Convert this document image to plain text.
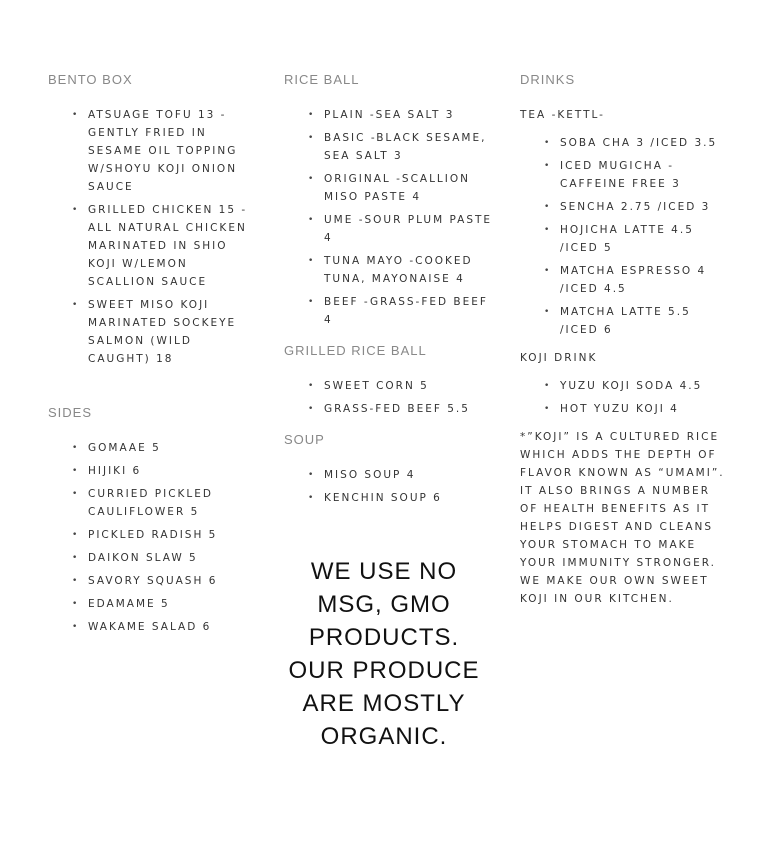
BENTO BOX
• ATSUAGE TOFU 13 -GENTLY FRIED IN SESAME OIL TOPPING W/SHOYU KOJI ONION SAUCE
• GRILLED CHICKEN 15 -ALL NATURAL CHICKEN MARINATED IN SHIO KOJI W/LEMON SCALLION SAUCE
• SWEET MISO KOJI MARINATED SOCKEYE SALMON (WILD CAUGHT) 18
SIDES
• GOMAAE 5
• HIJIKI 6
• CURRIED PICKLED CAULIFLOWER 5
• PICKLED RADISH 5
• DAIKON SLAW 5
• SAVORY SQUASH 6
• EDAMAME 5
• WAKAME SALAD 6
RICE BALL
• PLAIN -SEA SALT 3
• BASIC -BLACK SESAME, SEA SALT 3
• ORIGINAL -SCALLION MISO PASTE 4
• UME -SOUR PLUM PASTE 4
• TUNA MAYO -COOKED TUNA, MAYONAISE 4
• BEEF -GRASS-FED BEEF 4
GRILLED RICE BALL
• SWEET CORN 5
• GRASS-FED BEEF 5.5
SOUP
• MISO SOUP 4
• KENCHIN SOUP 6
WE USE NO MSG, GMO PRODUCTS. OUR PRODUCE ARE MOSTLY ORGANIC.
DRINKS
TEA -KETTL-
• SOBA CHA 3 /ICED 3.5
• ICED MUGICHA -CAFFEINE FREE 3
• SENCHA 2.75 /ICED 3
• HOJICHA LATTE 4.5 /ICED 5
• MATCHA ESPRESSO 4 /ICED 4.5
• MATCHA LATTE 5.5 /ICED 6
KOJI DRINK
• YUZU KOJI SODA 4.5
• HOT YUZU KOJI 4
*”KOJI” IS A CULTURED RICE WHICH ADDS THE DEPTH OF FLAVOR KNOWN AS “UMAMI”. IT ALSO BRINGS A NUMBER OF HEALTH BENEFITS AS IT HELPS DIGEST AND CLEANS YOUR STOMACH TO MAKE YOUR IMMUNITY STRONGER. WE MAKE OUR OWN SWEET KOJI IN OUR KITCHEN.
